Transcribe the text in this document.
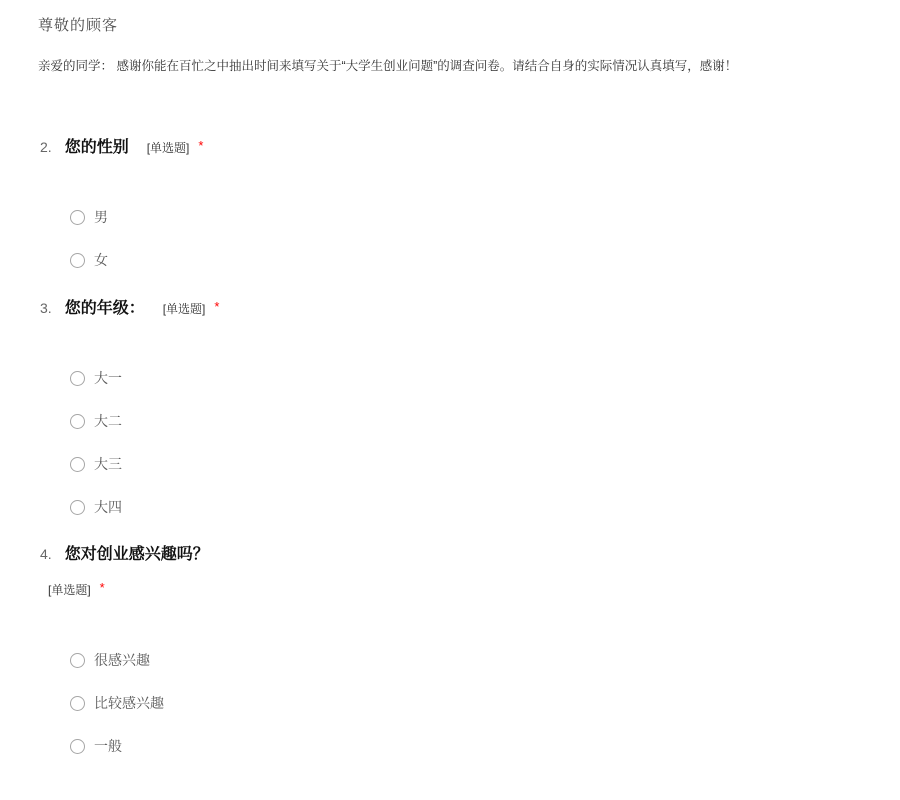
尊敬的顾客

亲爱的同学： 感谢你能在百忙之中抽出时间来填写关于“大学生创业问题”的调查问卷。请结合自身的实际情况认真填写，感谢！

2. 您的性别 [单选题] *
男
女
3. 您的年级： [单选题] *
大一
大二
大三
大四
4. 您对创业感兴趣吗？
[单选题] *
很感兴趣
比较感兴趣
一般
